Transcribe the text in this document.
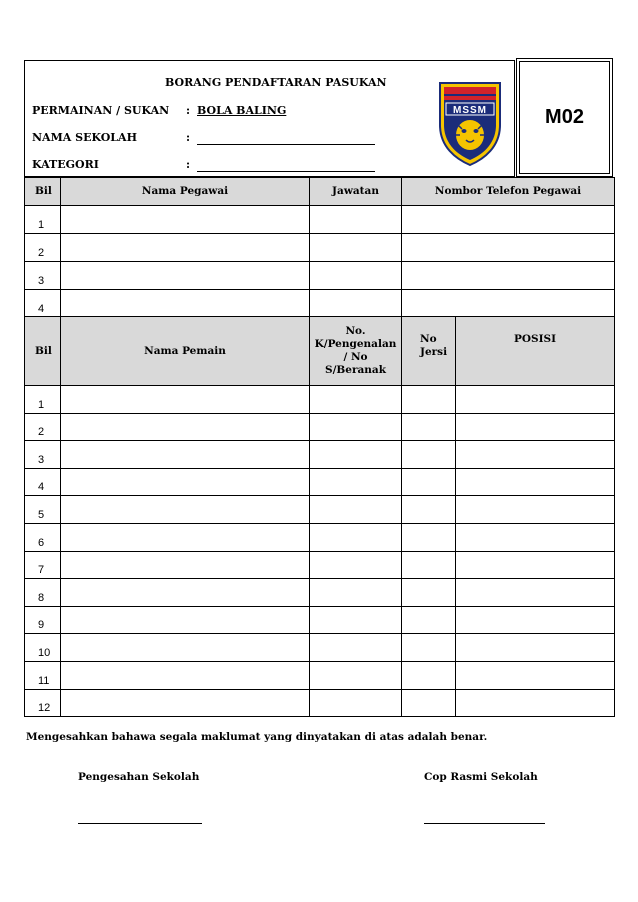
BORANG PENDAFTARAN PASUKAN
PERMAINAN / SUKAN : BOLA BALING
NAMA SEKOLAH	:
KATEGORI	:
MSSM	M02
Bil	Nama Pegawai	Jawatan	Nombor Telefon Pegawai
1			
2			
3			
4			
Bil	Nama Pemain	No. K/Pengenalan / No S/Beranak	No Jersi	POSISI
1				
2				
3				
4				
5				
6				
7				
8				
9				
10				
11				
12				
Mengesahkan bahawa segala maklumat yang dinyatakan di atas adalah benar.
Pengesahan Sekolah	Cop Rasmi Sekolah
